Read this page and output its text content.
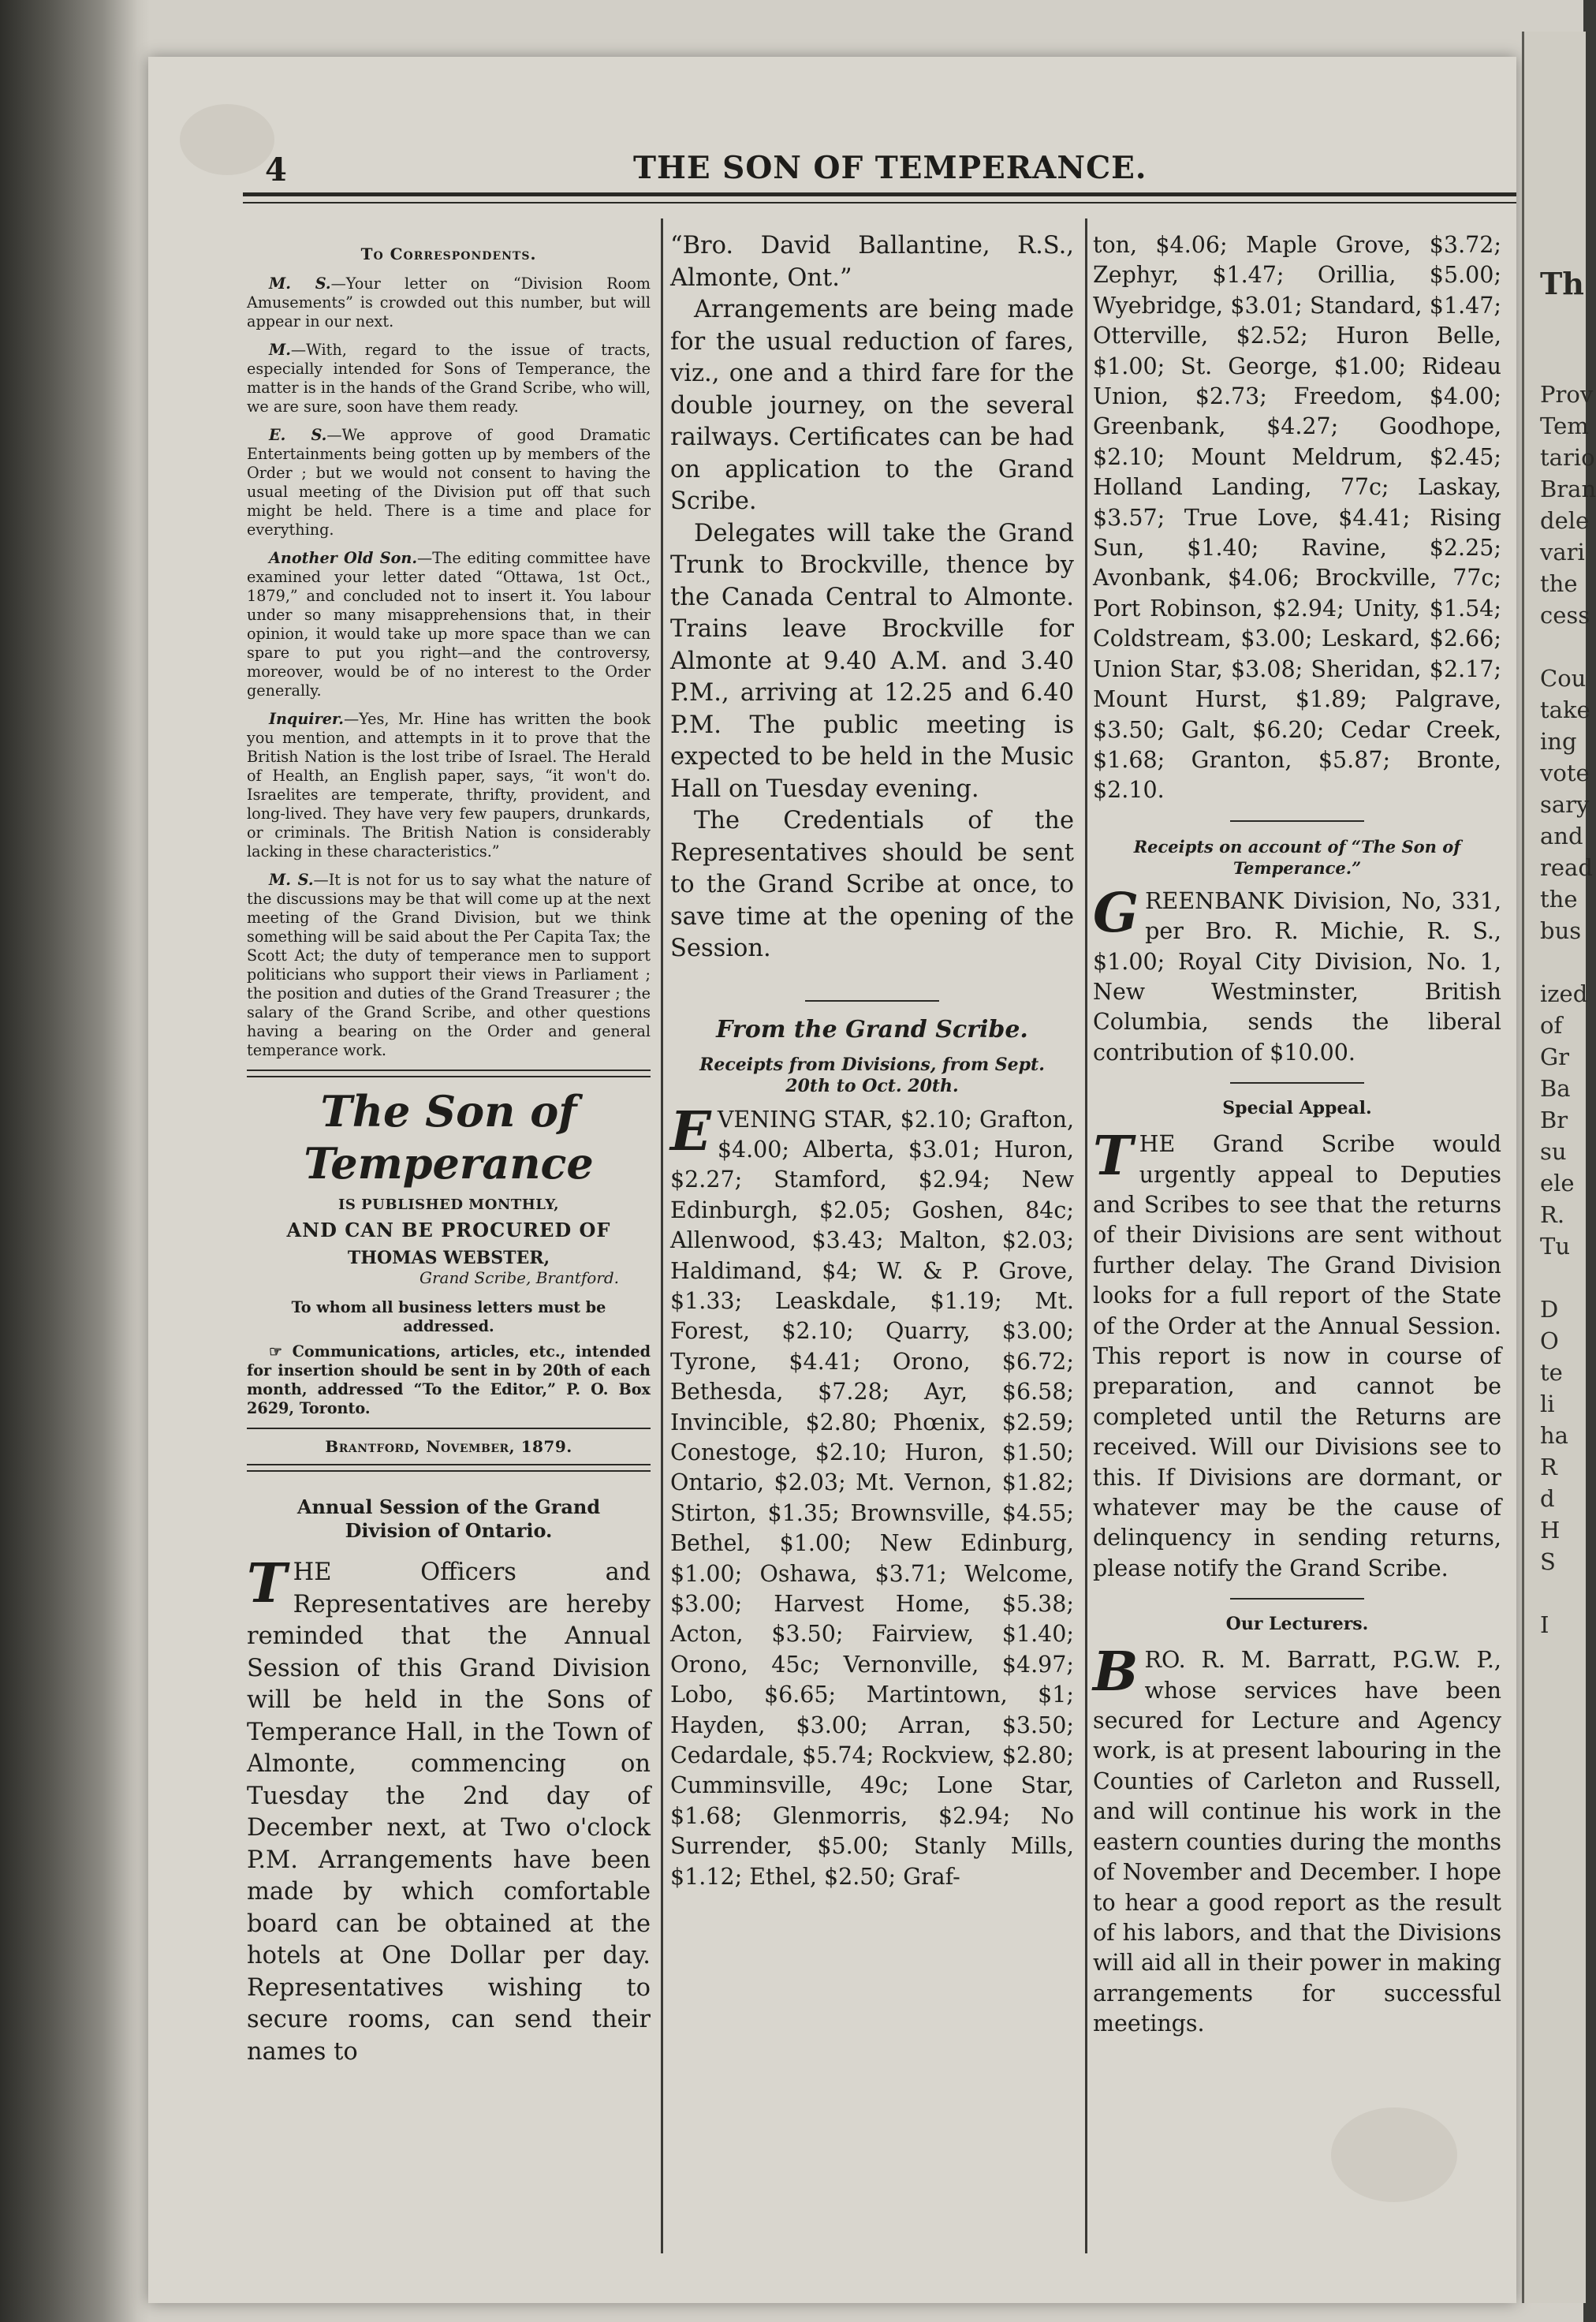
4	THE SON OF TEMPERANCE.
To Correspondents.

M. S.—Your letter on “Division Room Amusements” is crowded out this number, but will appear in our next.

M.—With, regard to the issue of tracts, especially intended for Sons of Temperance, the matter is in the hands of the Grand Scribe, who will, we are sure, soon have them ready.

E. S.—We approve of good Dramatic Entertainments being gotten up by members of the Order ; but we would not consent to having the usual meeting of the Division put off that such might be held. There is a time and place for everything.

Another Old Son.—The editing committee have examined your letter dated “Ottawa, 1st Oct., 1879,” and concluded not to insert it. You labour under so many misapprehensions that, in their opinion, it would take up more space than we can spare to put you right—and the controversy, moreover, would be of no interest to the Order generally.

Inquirer.—Yes, Mr. Hine has written the book you mention, and attempts in it to prove that the British Nation is the lost tribe of Israel. The Herald of Health, an English paper, says, “it won't do. Israelites are temperate, thrifty, provident, and long-lived. They have very few paupers, drunkards, or criminals. The British Nation is considerably lacking in these characteristics.”

M. S.—It is not for us to say what the nature of the discussions may be that will come up at the next meeting of the Grand Division, but we think something will be said about the Per Capita Tax; the Scott Act; the duty of temperance men to support politicians who support their views in Parliament ; the position and duties of the Grand Treasurer ; the salary of the Grand Scribe, and other questions having a bearing on the Order and general temperance work.

The Son of Temperance

IS PUBLISHED MONTHLY,

AND CAN BE PROCURED OF

THOMAS WEBSTER,

Grand Scribe, Brantford.

To whom all business letters must be addressed.

☞ Communications, articles, etc., intended for insertion should be sent in by 20th of each month, addressed “To the Editor,” P. O. Box 2629, Toronto.

Brantford, November, 1879.

Annual Session of the Grand Division of Ontario.

THE Officers and Representatives are hereby reminded that the Annual Session of this Grand Division will be held in the Sons of Temperance Hall, in the Town of Almonte, commencing on Tuesday the 2nd day of December next, at Two o'clock P.M. Arrangements have been made by which comfortable board can be obtained at the hotels at One Dollar per day. Representatives wishing to secure rooms, can send their names to

“Bro. David Ballantine, R.S., Almonte, Ont.”

Arrangements are being made for the usual reduction of fares, viz., one and a third fare for the double journey, on the several railways. Certificates can be had on application to the Grand Scribe.

Delegates will take the Grand Trunk to Brockville, thence by the Canada Central to Almonte. Trains leave Brockville for Almonte at 9.40 A.M. and 3.40 P.M., arriving at 12.25 and 6.40 P.M. The public meeting is expected to be held in the Music Hall on Tuesday evening.

The Credentials of the Representatives should be sent to the Grand Scribe at once, to save time at the opening of the Session.

From the Grand Scribe.
Receipts from Divisions, from Sept. 20th to Oct. 20th.

EVENING STAR, $2.10; Grafton, $4.00; Alberta, $3.01; Huron, $2.27; Stamford, $2.94; New Edinburgh, $2.05; Goshen, 84c; Allenwood, $3.43; Malton, $2.03; Haldimand, $4; W. & P. Grove, $1.33; Leaskdale, $1.19; Mt. Forest, $2.10; Quarry, $3.00; Tyrone, $4.41; Orono, $6.72; Bethesda, $7.28; Ayr, $6.58; Invincible, $2.80; Phœnix, $2.59; Conestoge, $2.10; Huron, $1.50; Ontario, $2.03; Mt. Vernon, $1.82; Stirton, $1.35; Brownsville, $4.55; Bethel, $1.00; New Edinburg, $1.00; Oshawa, $3.71; Welcome, $3.00; Harvest Home, $5.38; Acton, $3.50; Fairview, $1.40; Orono, 45c; Vernonville, $4.97; Lobo, $6.65; Martintown, $1; Hayden, $3.00; Arran, $3.50; Cedardale, $5.74; Rockview, $2.80; Cumminsville, 49c; Lone Star, $1.68; Glenmorris, $2.94; No Surrender, $5.00; Stanly Mills, $1.12; Ethel, $2.50; Graf-

ton, $4.06; Maple Grove, $3.72; Zephyr, $1.47; Orillia, $5.00; Wyebridge, $3.01; Standard, $1.47; Otterville, $2.52; Huron Belle, $1.00; St. George, $1.00; Rideau Union, $2.73; Freedom, $4.00; Greenbank, $4.27; Goodhope, $2.10; Mount Meldrum, $2.45; Holland Landing, 77c; Laskay, $3.57; True Love, $4.41; Rising Sun, $1.40; Ravine, $2.25; Avonbank, $4.06; Brockville, 77c; Port Robinson, $2.94; Unity, $1.54; Coldstream, $3.00; Leskard, $2.66; Union Star, $3.08; Sheridan, $2.17; Mount Hurst, $1.89; Palgrave, $3.50; Galt, $6.20; Cedar Creek, $1.68; Granton, $5.87; Bronte, $2.10.

Receipts on account of “The Son of Temperance.”

GREENBANK Division, No, 331, per Bro. R. Michie, R. S., $1.00; Royal City Division, No. 1, New Westminster, British Columbia, sends the liberal contribution of $10.00.

Special Appeal.

THE Grand Scribe would urgently appeal to Deputies and Scribes to see that the returns of their Divisions are sent without further delay. The Grand Division looks for a full report of the State of the Order at the Annual Session. This report is now in course of preparation, and cannot be completed until the Returns are received. Will our Divisions see to this. If Divisions are dormant, or whatever may be the cause of delinquency in sending returns, please notify the Grand Scribe.

Our Lecturers.

BRO. R. M. Barratt, P.G.W. P., whose services have been secured for Lecture and Agency work, is at present labouring in the Counties of Carleton and Russell, and will continue his work in the eastern counties during the months of November and December. I hope to hear a good report as the result of his labors, and that the Divisions will aid all in their power in making arrangements for successful meetings.

Th
Prov
Tem
tario
Bran
dele
vari
the
cess
Cou
take
ing
vote
sary
and
read
the
bus
ized
of
Gr
Ba
Br
su
ele
R.
Tu
D
O
te
li
ha
R
d
H
S
I
